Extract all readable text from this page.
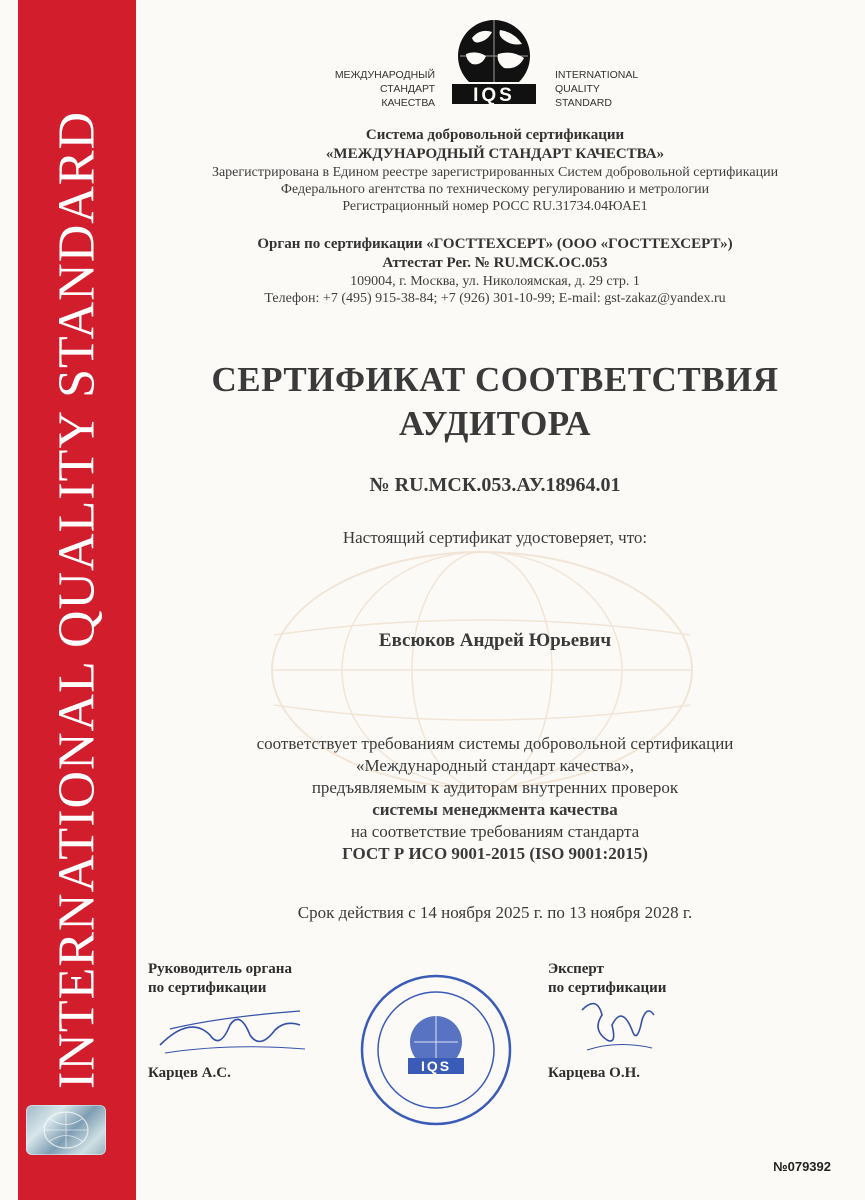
INTERNATIONAL QUALITY STANDARD
МЕЖДУНАРОДНЫЙ
СТАНДАРТ
КАЧЕСТВА IQS
INTERNATIONAL
QUALITY
STANDARD
Система добровольной сертификации
«МЕЖДУНАРОДНЫЙ СТАНДАРТ КАЧЕСТВА»
Зарегистрирована в Едином реестре зарегистрированных Систем добровольной сертификации
Федерального агентства по техническому регулированию и метрологии
Регистрационный номер РОСС RU.31734.04ЮАЕ1
Орган по сертификации «ГОСТТЕХСЕРТ» (ООО «ГОСТТЕХСЕРТ»)
Аттестат Рег. № RU.МСК.ОС.053
109004, г. Москва, ул. Николоямская, д. 29 стр. 1
Телефон: +7 (495) 915-38-84; +7 (926) 301-10-99; E-mail: gst-zakaz@yandex.ru
СЕРТИФИКАТ СООТВЕТСТВИЯ
АУДИТОРА
№ RU.МСК.053.АУ.18964.01
Настоящий сертификат удостоверяет, что:
Евсюков Андрей Юрьевич
соответствует требованиям системы добровольной сертификации
«Международный стандарт качества»,
предъявляемым к аудиторам внутренних проверок
системы менеджмента качества
на соответствие требованиям стандарта
ГОСТ Р ИСО 9001-2015 (ISO 9001:2015)
Срок действия с 14 ноября 2025 г. по 13 ноября 2028 г.
Руководитель органа
по сертификации
Карцев А.С.	IQS
Эксперт
по сертификации
Карцева О.Н.
№079392
